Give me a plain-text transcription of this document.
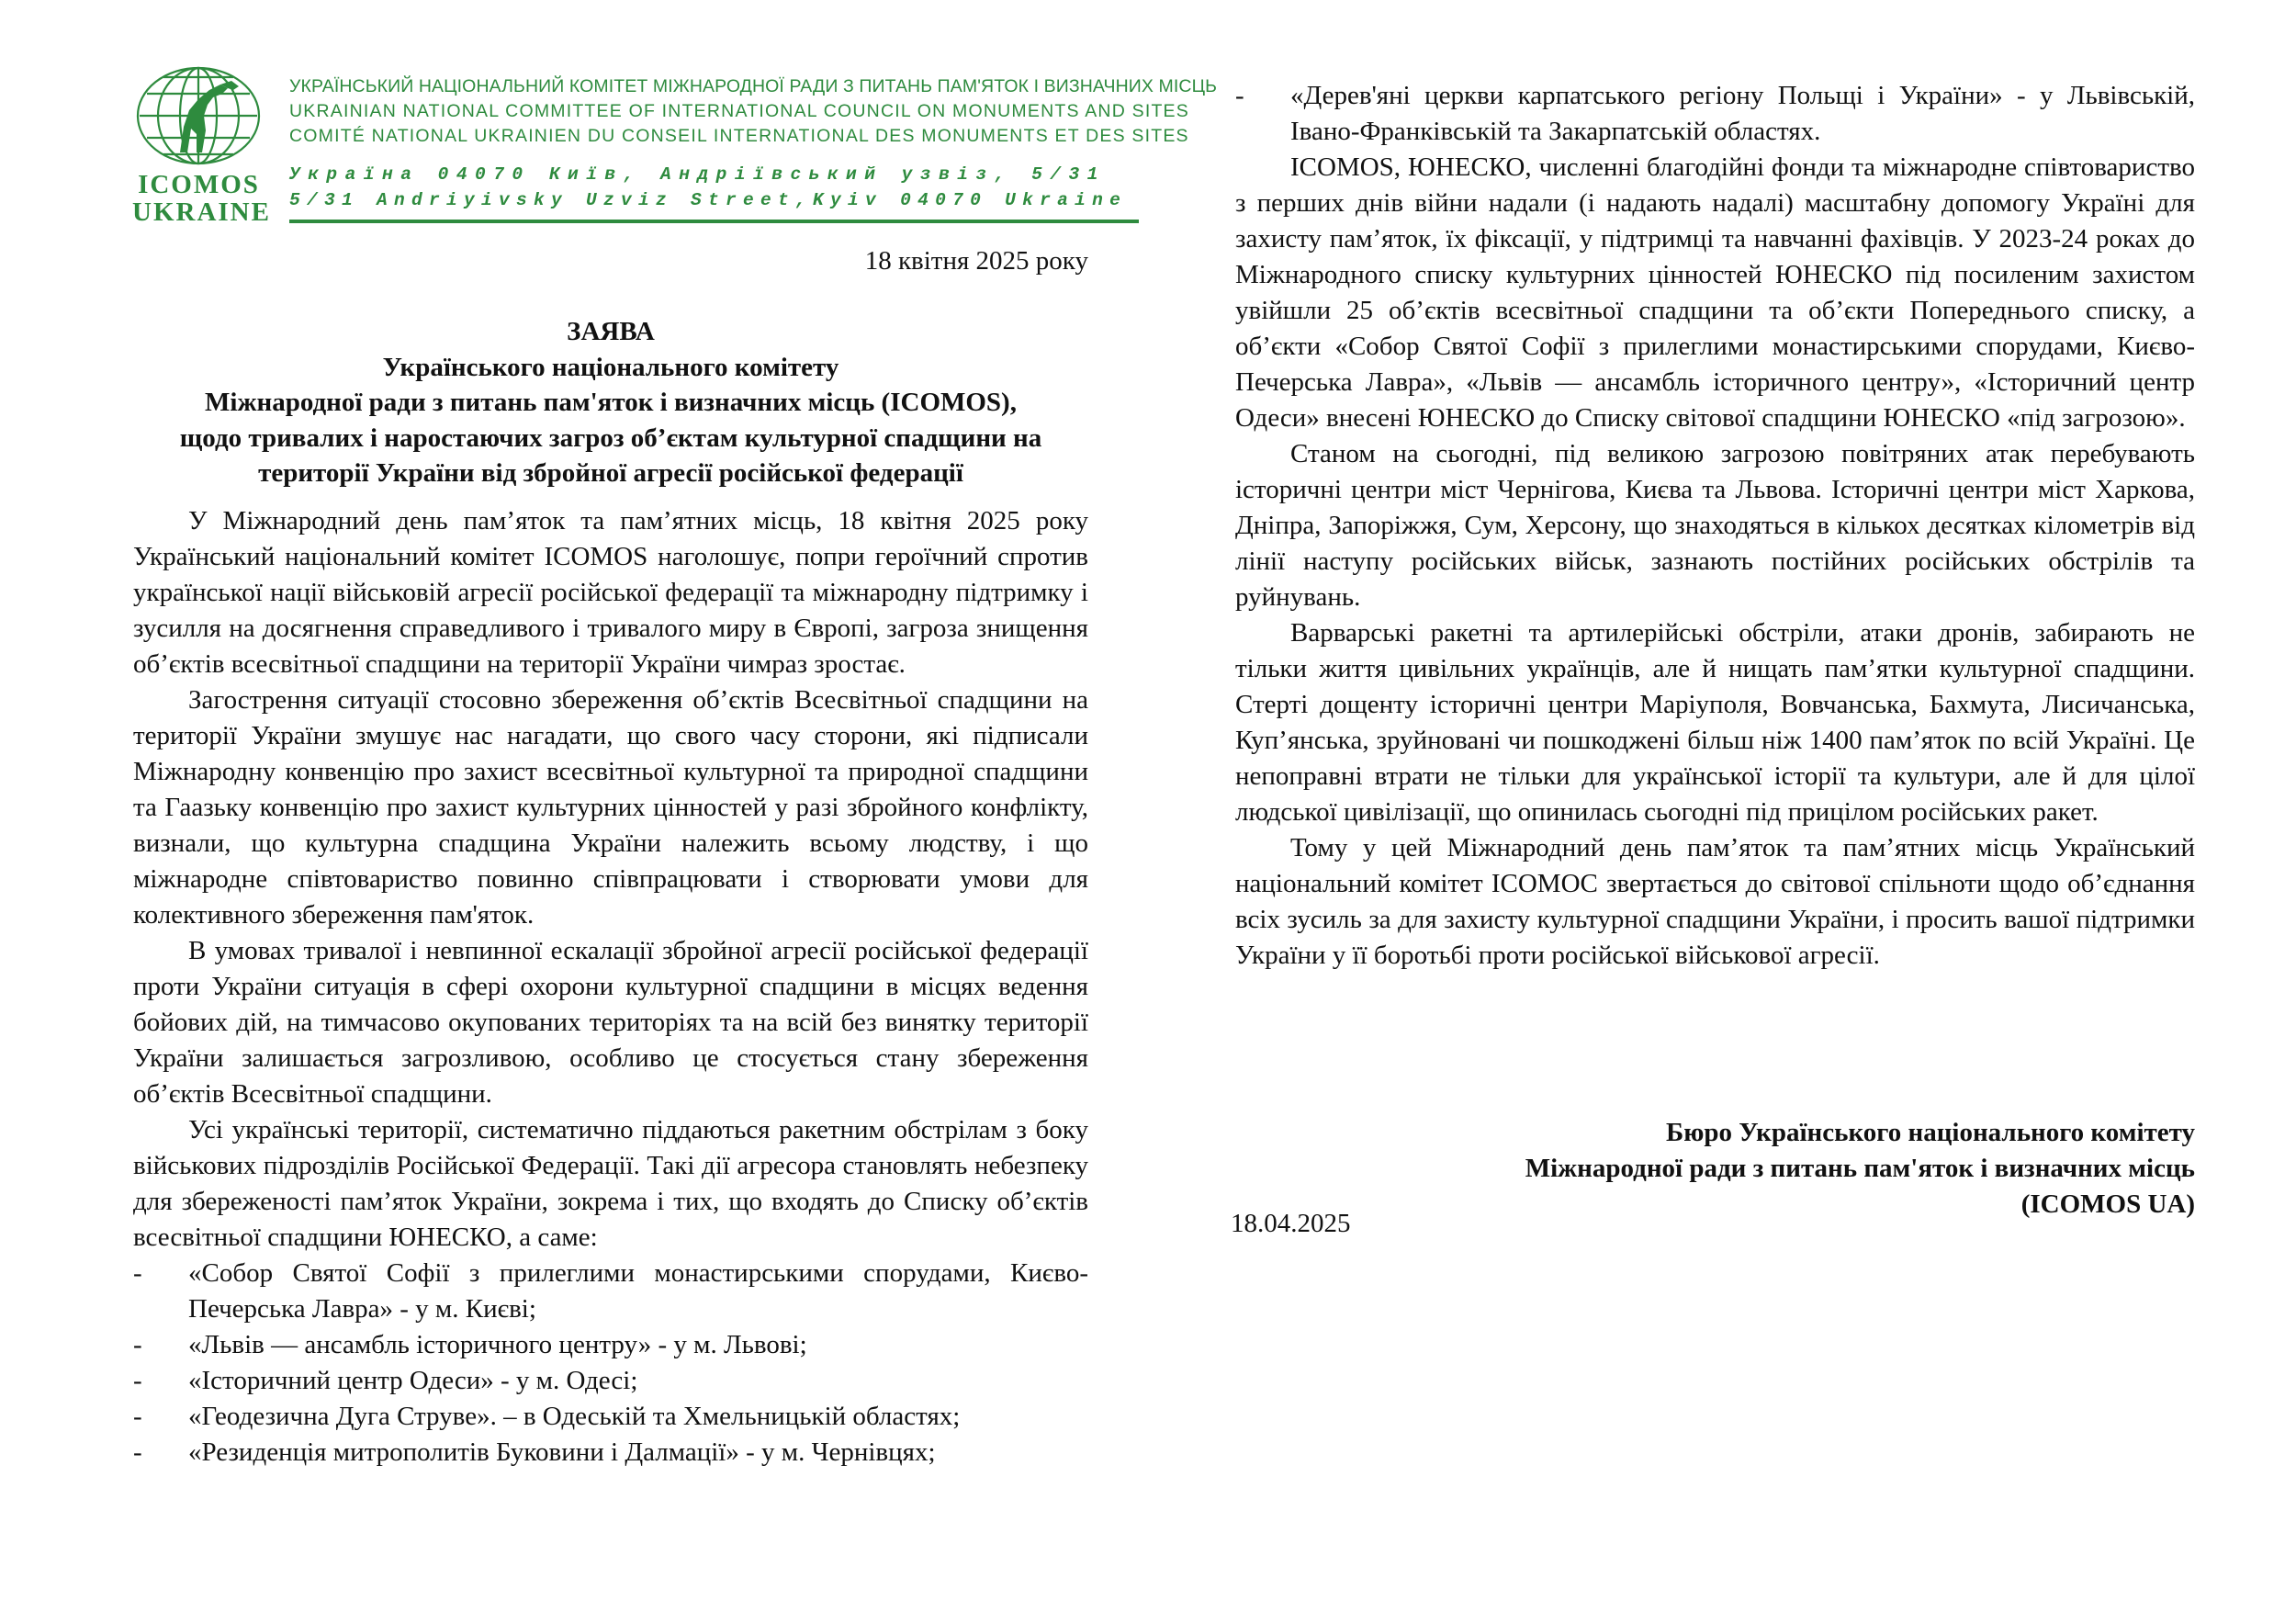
ICOMOS
UKRAINE
УКРАЇНСЬКИЙ НАЦІОНАЛЬНИЙ КОМІТЕТ МІЖНАРОДНОЇ РАДИ З ПИТАНЬ ПАМ'ЯТОК І ВИЗНАЧНИХ МІСЦЬ
UKRAINIAN NATIONAL COMMITTEE OF INTERNATIONAL COUNCIL ON MONUMENTS AND SITES
COMITÉ NATIONAL UKRAINIEN DU CONSEIL INTERNATIONAL DES MONUMENTS ET DES SITES
Україна 04070 Київ, Андріївський узвіз, 5/31
5/31 Andriyivsky Uzviz Street,Kyiv 04070 Ukraine
18 квітня 2025 року
ЗАЯВА
Українського національного комітету
Міжнародної ради з питань пам'яток і визначних місць (ICOMOS),
щодо тривалих і наростаючих загроз об’єктам культурної спадщини на
території України від збройної агресії російської федерації

У Міжнародний день пам’яток та пам’ятних місць, 18 квітня 2025 року Український національний комітет ICOMOS наголошує, попри героїчний спротив української нації військовій агресії російської федерації та міжнародну підтримку і зусилля на досягнення справедливого і тривалого миру в Європі, загроза знищення об’єктів всесвітньої спадщини на території України чимраз зростає.

Загострення ситуації стосовно збереження об’єктів Всесвітньої спадщини на території України змушує нас нагадати, що свого часу сторони, які підписали Міжнародну конвенцію про захист всесвітньої культурної та природної спадщини та Гаазьку конвенцію про захист культурних цінностей у разі збройного конфлікту, визнали, що культурна спадщина України належить всьому людству, і що міжнародне співтовариство повинно співпрацювати і створювати умови для колективного збереження пам'яток.

В умовах тривалої і невпинної ескалації збройної агресії російської федерації проти України ситуація в сфері охорони культурної спадщини в місцях ведення бойових дій, на тимчасово окупованих територіях та на всій без винятку території України залишається загрозливою, особливо це стосується стану збереження об’єктів Всесвітньої спадщини.

Усі українські території, систематично піддаються ракетним обстрілам з боку військових підрозділів Російської Федерації. Такі дії агресора становлять небезпеку для збереженості пам’яток України, зокрема і тих, що входять до Списку об’єктів всесвітньої спадщини ЮНЕСКО, а саме:

- «Собор Святої Софії з прилеглими монастирськими спорудами, Києво-Печерська Лавра» - у м. Києві;
- «Львів — ансамбль історичного центру» - у м. Львові;
- «Історичний центр Одеси» - у м. Одесі;
- «Геодезична Дуга Струве». – в Одеській та Хмельницькій областях;
- «Резиденція митрополитів Буковини і Далмації» - у м. Чернівцях;
- «Дерев'яні церкви карпатського регіону Польщі і України» - у Львівській, Івано-Франківській та Закарпатській областях.

ICOMOS, ЮНЕСКО, численні благодійні фонди та міжнародне співтовариство з перших днів війни надали (і надають надалі) масштабну допомогу Україні для захисту пам’яток, їх фіксації, у підтримці та навчанні фахівців. У 2023-24 роках до Міжнародного списку культурних цінностей ЮНЕСКО під посиленим захистом увійшли 25 об’єктів всесвітньої спадщини та об’єкти Попереднього списку, а об’єкти «Собор Святої Софії з прилеглими монастирськими спорудами, Києво-Печерська Лавра», «Львів — ансамбль історичного центру», «Історичний центр Одеси» внесені ЮНЕСКО до Списку світової спадщини ЮНЕСКО «під загрозою».

Станом на сьогодні, під великою загрозою повітряних атак перебувають історичні центри міст Чернігова, Києва та Львова. Історичні центри міст Харкова, Дніпра, Запоріжжя, Сум, Херсону, що знаходяться в кількох десятках кілометрів від лінії наступу російських військ, зазнають постійних російських обстрілів та руйнувань.

Варварські ракетні та артилерійські обстріли, атаки дронів, забирають не тільки життя цивільних українців, але й нищать пам’ятки культурної спадщини. Стерті дощенту історичні центри Маріуполя, Вовчанська, Бахмута, Лисичанська, Куп’янська, зруйновані чи пошкоджені більш ніж 1400 пам’яток по всій Україні. Це непоправні втрати не тільки для української історії та культури, але й для цілої людської цивілізації, що опинилась сьогодні під прицілом російських ракет.

Тому у цей Міжнародний день пам’яток та пам’ятних місць Український національний комітет ICOMOC звертається до світової спільноти щодо об’єднання всіх зусиль за для захисту культурної спадщини України, і просить вашої підтримки України у її боротьбі проти російської військової агресії.

Бюро Українського національного комітету
Міжнародної ради з питань пам'яток і визначних місць
(ICOMOS UA)
18.04.2025
